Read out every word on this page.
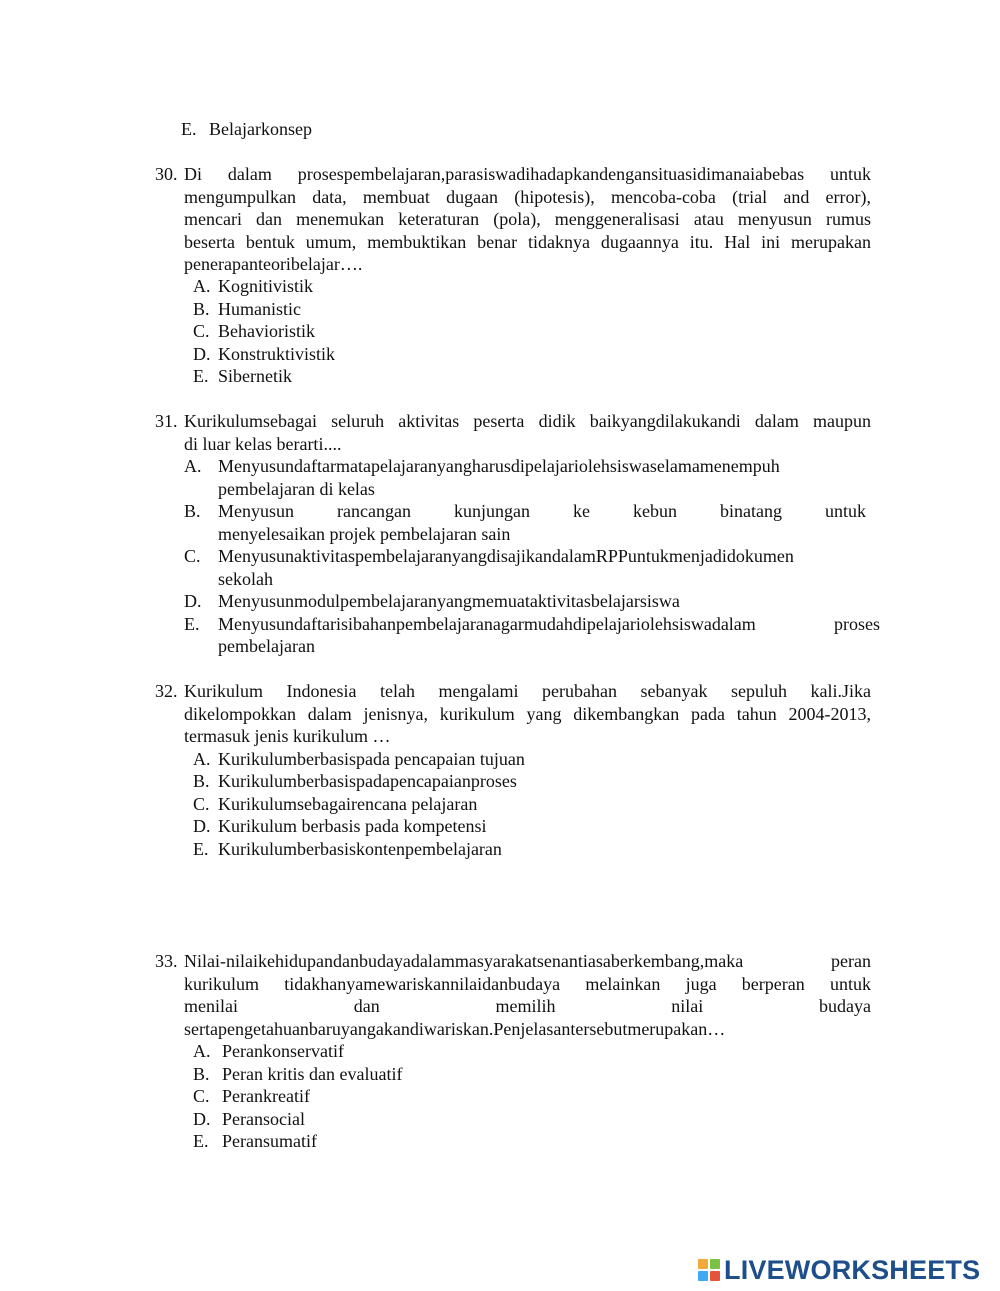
E. Belajarkonsep
30. Di dalam prosespembelajaran,parasiswadihadapkandengansituasidimanaiabebas untuk
mengumpulkan data, membuat dugaan (hipotesis), mencoba-coba (trial and error),
mencari dan menemukan keteraturan (pola), menggeneralisasi atau menyusun rumus
beserta bentuk umum, membuktikan benar tidaknya dugaannya itu. Hal ini merupakan
penerapanteoribelajar….
A. Kognitivistik
B. Humanistic
C. Behavioristik
D. Konstruktivistik
E. Sibernetik
31. Kurikulumsebagai seluruh aktivitas peserta didik baikyangdilakukandi dalam maupun
di luar kelas berarti....
A. Menyusundaftarmatapelajaranyangharusdipelajariolehsiswaselamamenempuh
pembelajaran di kelas
B. Menyusun rancangan kunjungan ke kebun binatang untuk
menyelesaikan projek pembelajaran sain
C. MenyusunaktivitaspembelajaranyangdisajikandalamRPPuntukmenjadidokumen
sekolah
D. Menyusunmodulpembelajaranyangmemuataktivitasbelajarsiswa
E. Menyusundaftarisibahanpembelajaranagarmudahdipelajariolehsiswadalam proses
pembelajaran
32. Kurikulum Indonesia telah mengalami perubahan sebanyak sepuluh kali.Jika
dikelompokkan dalam jenisnya, kurikulum yang dikembangkan pada tahun 2004-2013,
termasuk jenis kurikulum …
A. Kurikulumberbasispada pencapaian tujuan
B. Kurikulumberbasispadapencapaianproses
C. Kurikulumsebagairencana pelajaran
D. Kurikulum berbasis pada kompetensi
E. Kurikulumberbasiskontenpembelajaran
33. Nilai-nilaikehidupandanbudayadalammasyarakatsenantiasaberkembang,maka peran
kurikulum tidakhanyamewariskannilaidanbudaya melainkan juga berperan untuk
menilai dan memilih nilai budaya
sertapengetahuanbaruyangakandiwariskan.Penjelasantersebutmerupakan…
A. Perankonservatif
B. Peran kritis dan evaluatif
C. Perankreatif
D. Peransocial
E. Peransumatif
LIVEWORKSHEETS
